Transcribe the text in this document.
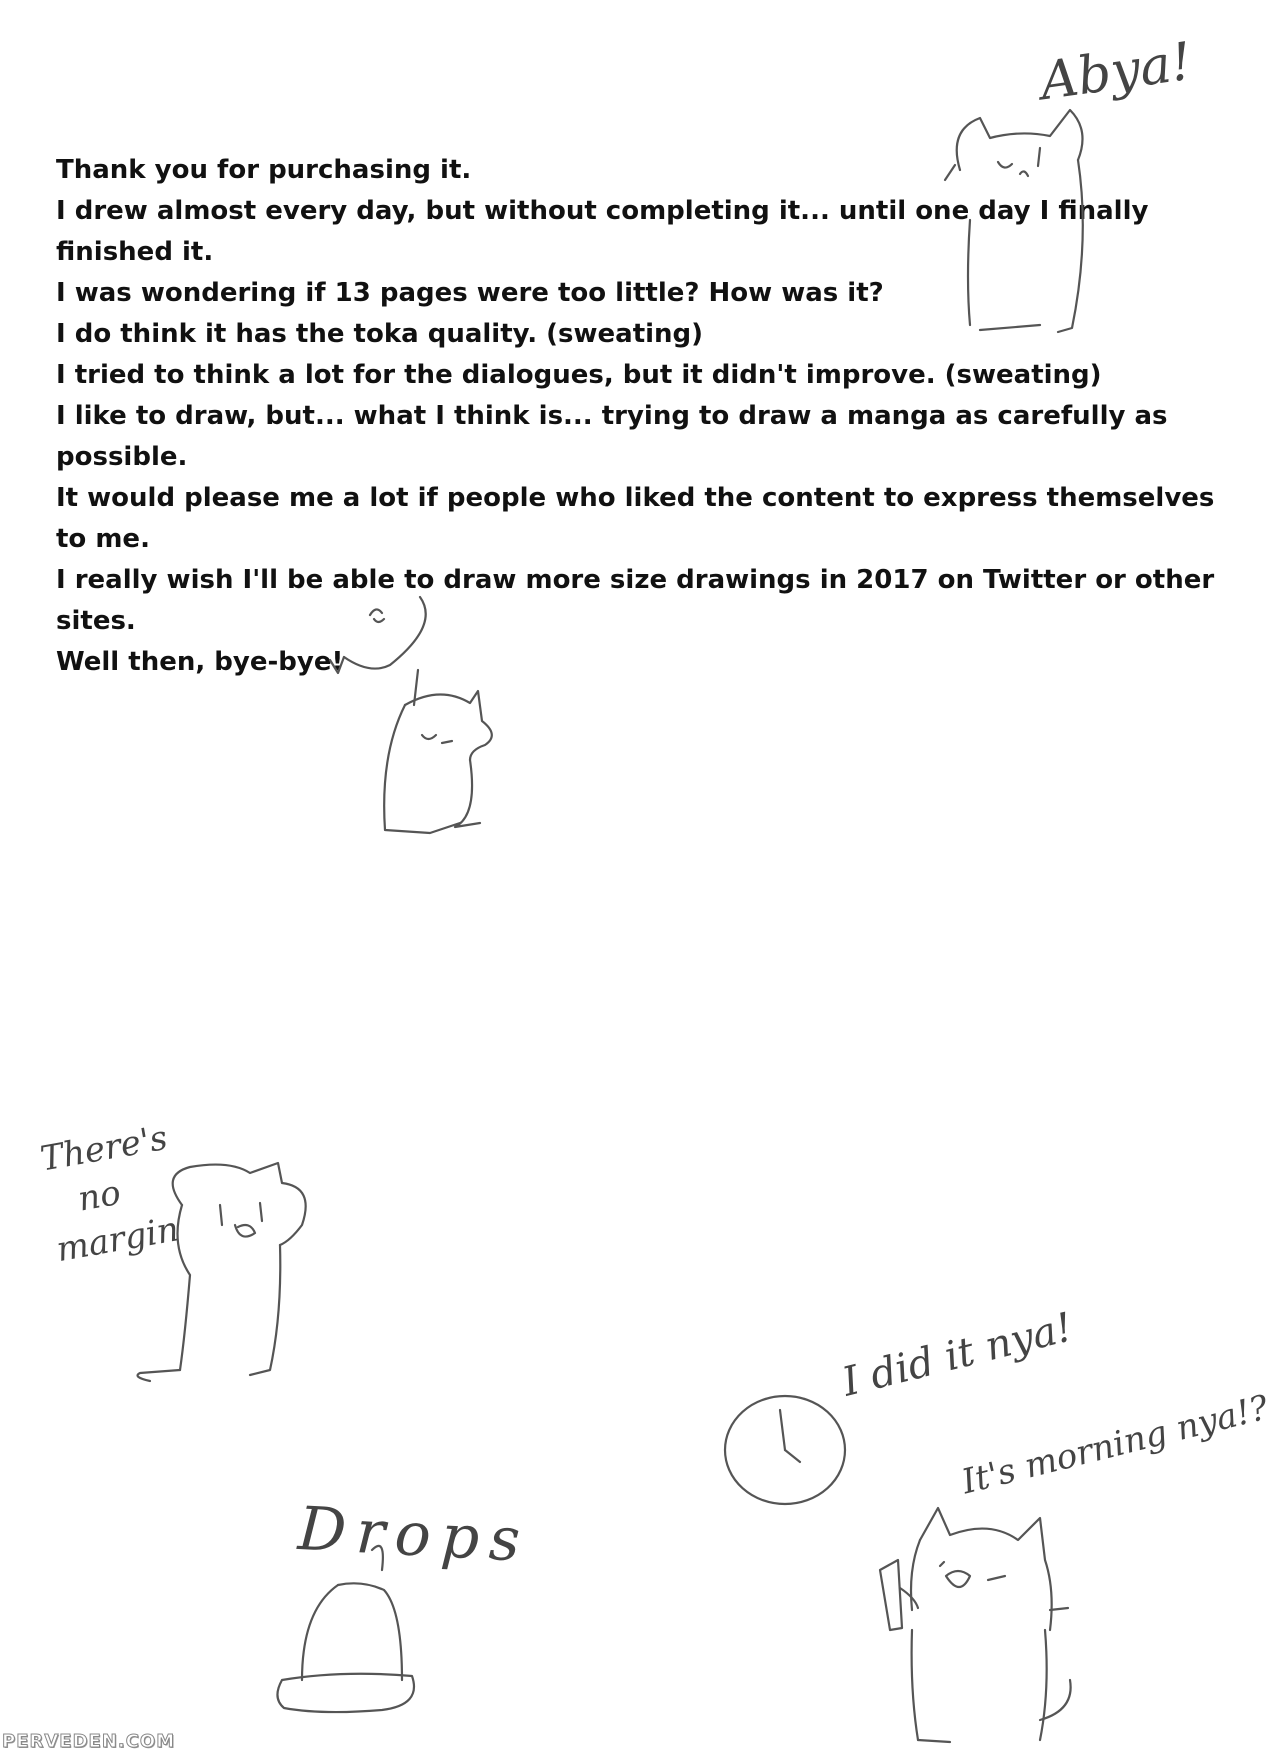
Thank you for purchasing it.

I drew almost every day, but without completing it... until one day I finally finished it.

I was wondering if 13 pages were too little? How was it?

I do think it has the toka quality. (sweating)

I tried to think a lot for the dialogues, but it didn't improve. (sweating)

I like to draw, but... what I think is... trying to draw a manga as carefully as possible.

It would please me a lot if people who liked the content to express themselves to me.

I really wish I'll be able to draw more size drawings in 2017 on Twitter or other sites.

Well then, bye-bye!

Abya!
There's
no
margin
Drops
I did it nya!
It's morning nya!?
PERVEDEN.COM
